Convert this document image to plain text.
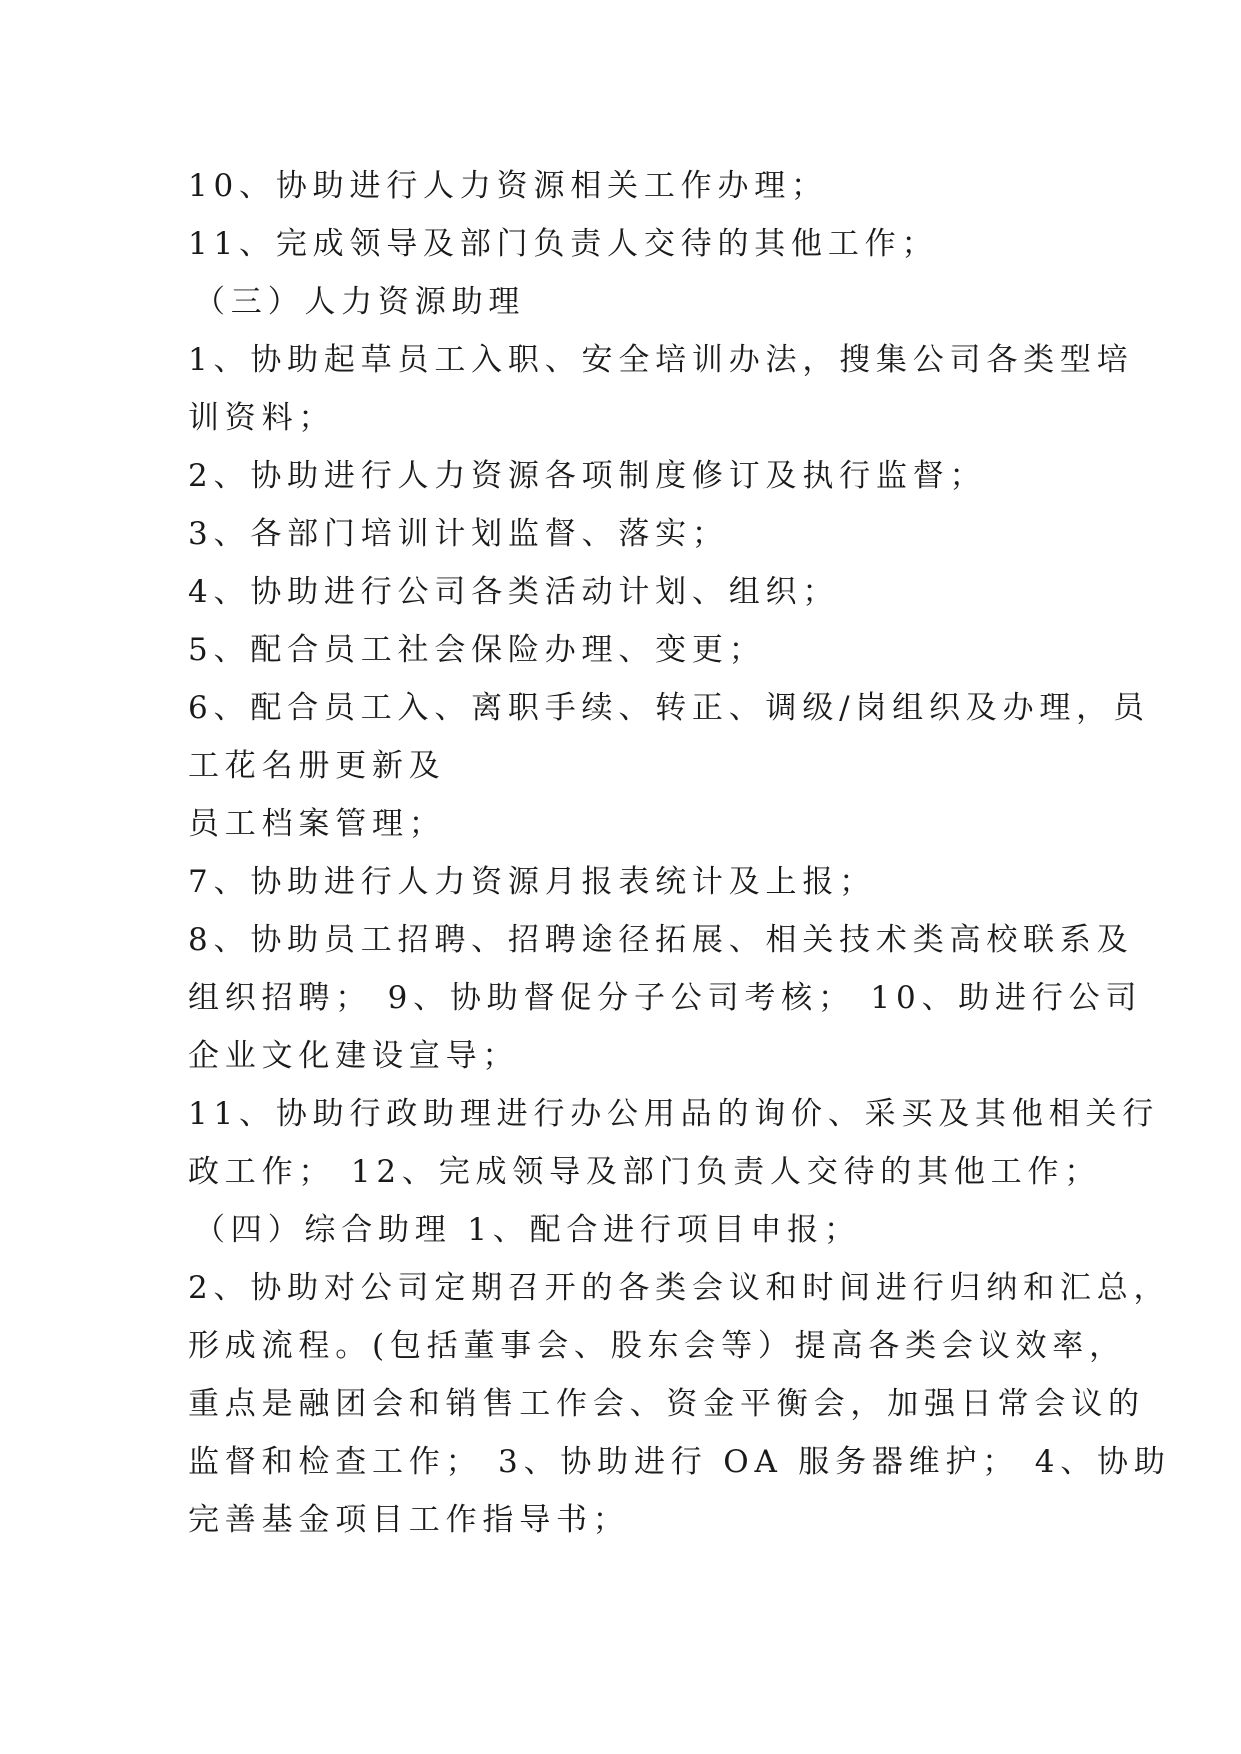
10、协助进行人力资源相关工作办理；

11、完成领导及部门负责人交待的其他工作；

（三）人力资源助理

1、协助起草员工入职、安全培训办法，搜集公司各类型培

训资料；

2、协助进行人力资源各项制度修订及执行监督；

3、各部门培训计划监督、落实；

4、协助进行公司各类活动计划、组织；

5、配合员工社会保险办理、变更；

6、配合员工入、离职手续、转正、调级/岗组织及办理，员

工花名册更新及

员工档案管理；

7、协助进行人力资源月报表统计及上报；

8、协助员工招聘、招聘途径拓展、相关技术类高校联系及

组织招聘； 9、协助督促分子公司考核； 10、助进行公司

企业文化建设宣导；

11、协助行政助理进行办公用品的询价、采买及其他相关行

政工作； 12、完成领导及部门负责人交待的其他工作；

（四）综合助理 1、配合进行项目申报；

2、协助对公司定期召开的各类会议和时间进行归纳和汇总，

形成流程。(包括董事会、股东会等）提高各类会议效率，

重点是融团会和销售工作会、资金平衡会，加强日常会议的

监督和检查工作； 3、协助进行 OA 服务器维护； 4、协助

完善基金项目工作指导书；
